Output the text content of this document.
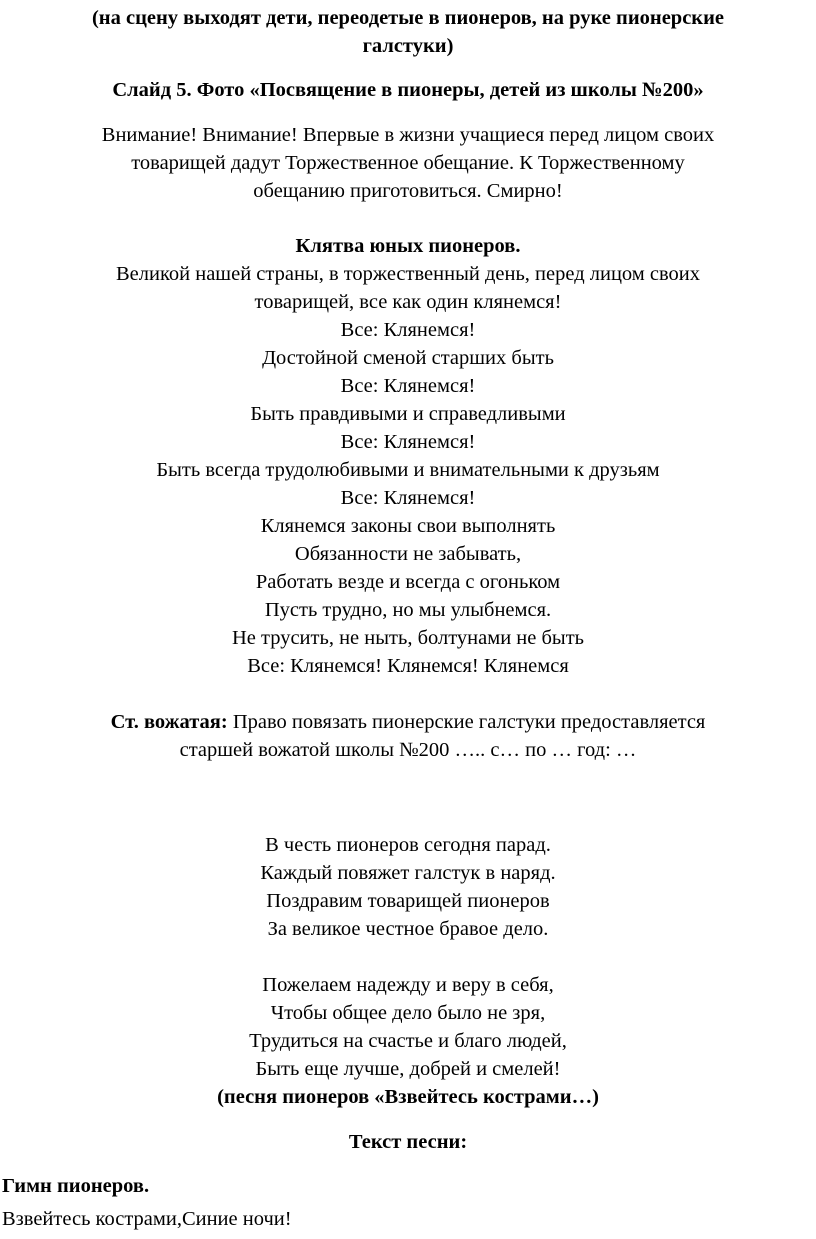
(на сцену выходят дети, переодетые в пионеров, на руке пионерские
галстуки)
Слайд 5. Фото «Посвящение в пионеры, детей из школы №200»
Внимание! Внимание! Впервые в жизни учащиеся перед лицом своих
товарищей дадут Торжественное обещание. К Торжественному
обещанию приготовиться. Смирно!
Клятва юных пионеров.
Великой нашей страны, в торжественный день, перед лицом своих
товарищей, все как один клянемся!
Все: Клянемся!
Достойной сменой старших быть
Все: Клянемся!
Быть правдивыми и справедливыми
Все: Клянемся!
Быть всегда трудолюбивыми и внимательными к друзьям
Все: Клянемся!
Клянемся законы свои выполнять
Обязанности не забывать,
Работать везде и всегда с огоньком
Пусть трудно, но мы улыбнемся.
Не трусить, не ныть, болтунами не быть
Все: Клянемся! Клянемся! Клянемся
Ст. вожатая: Право повязать пионерские галстуки предоставляется
старшей вожатой школы №200 ….. с… по … год: …
В честь пионеров сегодня парад.
Каждый повяжет галстук в наряд.
Поздравим товарищей пионеров
За великое честное бравое дело.
Пожелаем надежду и веру в себя,
Чтобы общее дело было не зря,
Трудиться на счастье и благо людей,
Быть еще лучше, добрей и смелей!
(песня пионеров «Взвейтесь кострами…)
Текст песни:
Гимн пионеров.
Взвейтесь кострами,Синие ночи!
